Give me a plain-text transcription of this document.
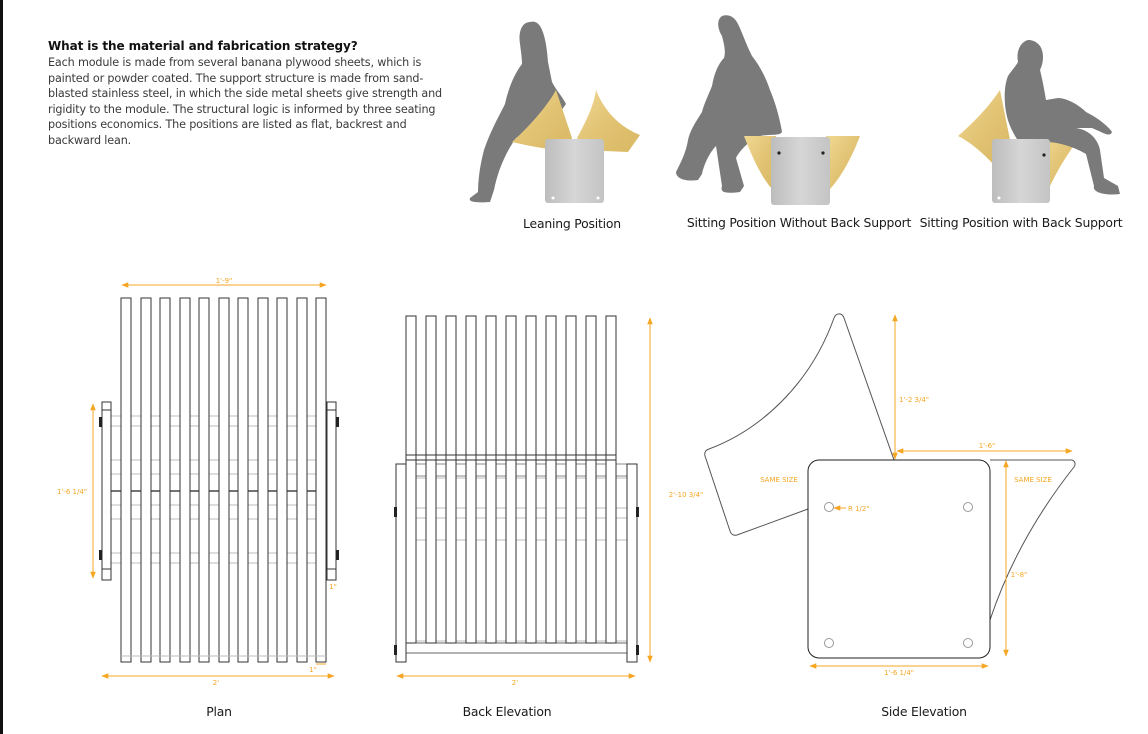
What is the material and fabrication strategy?

Each module is made from several banana plywood sheets, which is painted or powder coated. The support structure is made from sand-blasted stainless steel, in which the side metal sheets give strength and rigidity to the module. The structural logic is informed by three seating positions economics. The positions are listed as flat, backrest and backward lean.

Leaning Position	Sitting Position Without Back Support Sitting Position with Back Support
1'-9"
1'-6 1/4"
2'
1"
1"
2'-10 3/4"
2'
1'-2 3/4"
1'-6"
1'-8"
1'-6 1/4"
SAME SIZE	SAME SIZE
R 1/2"
Plan	Back Elevation	Side Elevation
